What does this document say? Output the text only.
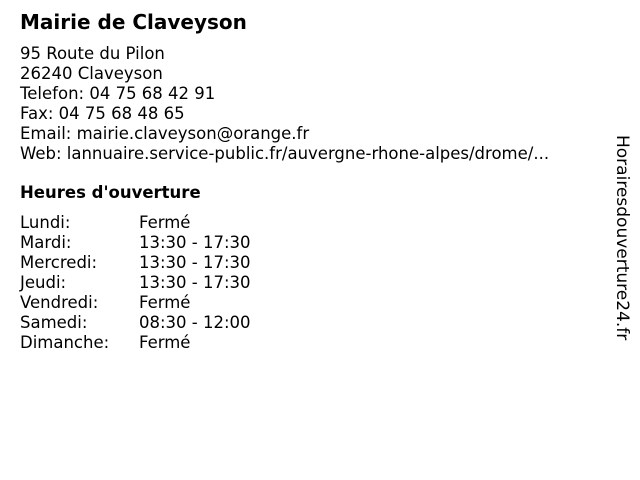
Mairie de Claveyson
95 Route du Pilon
26240 Claveyson
Telefon: 04 75 68 42 91
Fax: 04 75 68 48 65
Email: mairie.claveyson@orange.fr
Web: lannuaire.service-public.fr/auvergne-rhone-alpes/drome/...
Heures d'ouverture
Lundi:	Fermé
Mardi:	13:30 - 17:30
Mercredi:	13:30 - 17:30
Jeudi:	13:30 - 17:30
Vendredi: Fermé
Samedi:	08:30 - 12:00
Dimanche: Fermé
Horairesdouverture24.fr
